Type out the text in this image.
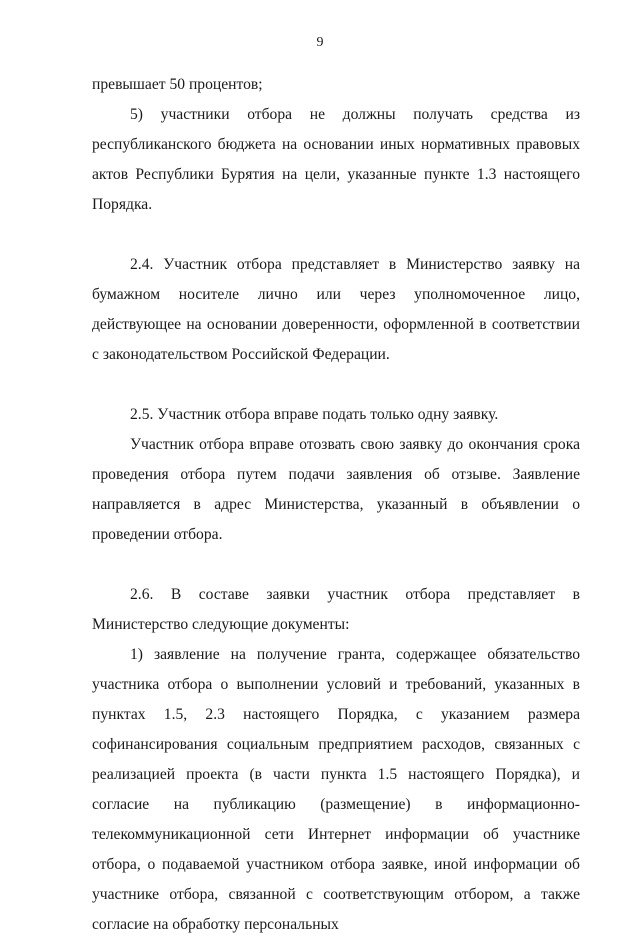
9

превышает 50 процентов;

5) участники отбора не должны получать средства из республиканского бюджета на основании иных нормативных правовых актов Республики Бурятия на цели, указанные пункте 1.3 настоящего Порядка.

2.4. Участник отбора представляет в Министерство заявку на бумажном носителе лично или через уполномоченное лицо, действующее на основании доверенности, оформленной в соответствии с законодательством Российской Федерации.

2.5. Участник отбора вправе подать только одну заявку.

Участник отбора вправе отозвать свою заявку до окончания срока проведения отбора путем подачи заявления об отзыве. Заявление направляется в адрес Министерства, указанный в объявлении о проведении отбора.

2.6. В составе заявки участник отбора представляет в Министерство следующие документы:

1) заявление на получение гранта, содержащее обязательство участника отбора о выполнении условий и требований, указанных в пунктах 1.5, 2.3 настоящего Порядка, с указанием размера софинансирования социальным предприятием расходов, связанных с реализацией проекта (в части пункта 1.5 настоящего Порядка), и согласие на публикацию (размещение) в информационно-телекоммуникационной сети Интернет информации об участнике отбора, о подаваемой участником отбора заявке, иной информации об участнике отбора, связанной с соответствующим отбором, а также согласие на обработку персональных
